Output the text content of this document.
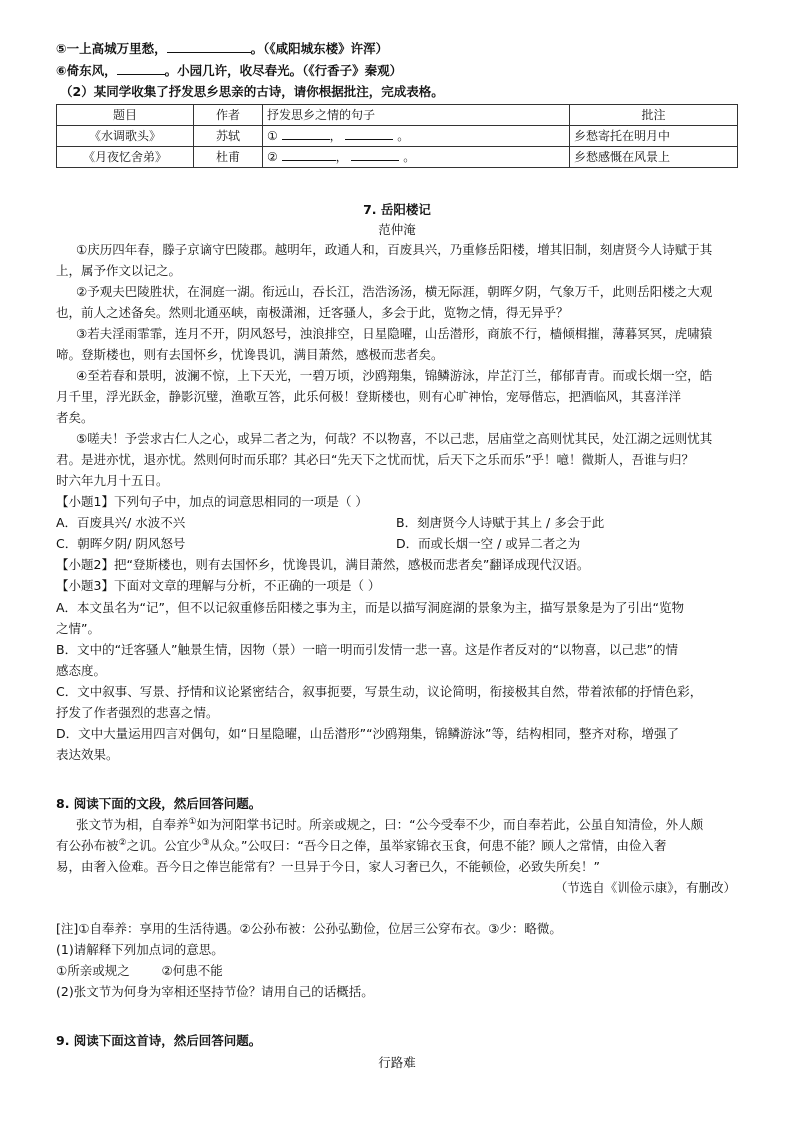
⑤一上高城万里愁，	。（《咸阳城东楼》许浑）
⑥倚东风，	。小园几许，收尽春光。（《行香子》秦观）
（2）某同学收集了抒发思乡思亲的古诗，请你根据批注，完成表格。
题目	作者	抒发思乡之情的句子	批注
《水调歌头》	苏轼	① ， 。	乡愁寄托在明月中
《月夜忆舍弟》	杜甫	② ， 。	乡愁感慨在风景上
7. 岳阳楼记
范仲淹
①庆历四年春，滕子京谪守巴陵郡。越明年，政通人和，百废具兴，乃重修岳阳楼，增其旧制，刻唐贤今人诗赋于其
上，属予作文以记之。
②予观夫巴陵胜状，在洞庭一湖。衔远山，吞长江，浩浩汤汤，横无际涯，朝晖夕阴，气象万千，此则岳阳楼之大观
也，前人之述备矣。然则北通巫峡，南极潇湘，迁客骚人，多会于此，览物之情，得无异乎？
③若夫淫雨霏霏，连月不开，阴风怒号，浊浪排空，日星隐曜，山岳潜形，商旅不行，樯倾楫摧，薄暮冥冥，虎啸猿
啼。登斯楼也，则有去国怀乡，忧谗畏讥，满目萧然，感极而悲者矣。
④至若春和景明，波澜不惊，上下天光，一碧万顷，沙鸥翔集，锦鳞游泳，岸芷汀兰，郁郁青青。而或长烟一空，皓
月千里，浮光跃金，静影沉璧，渔歌互答，此乐何极！登斯楼也，则有心旷神怡，宠辱偕忘，把酒临风，其喜洋洋
者矣。
⑤嗟夫！予尝求古仁人之心，或异二者之为，何哉？不以物喜，不以己悲，居庙堂之高则忧其民，处江湖之远则忧其
君。是进亦忧，退亦忧。然则何时而乐耶？其必曰“先天下之忧而忧，后天下之乐而乐”乎！噫！微斯人，吾谁与归？
时六年九月十五日。
【小题1】下列句子中，加点的词意思相同的一项是（ ）
A．百废具兴/ 水波不兴	B．刻唐贤今人诗赋于其上 / 多会于此
C．朝晖夕阴/ 阴风怒号	D．而或长烟一空 / 或异二者之为
【小题2】把“登斯楼也，则有去国怀乡，忧谗畏讥，满目萧然，感极而悲者矣”翻译成现代汉语。
【小题3】下面对文章的理解与分析，不正确的一项是（ ）
A．本文虽名为“记”，但不以记叙重修岳阳楼之事为主，而是以描写洞庭湖的景象为主，描写景象是为了引出“览物
之情”。
B．文中的“迁客骚人”触景生情，因物（景）一暗一明而引发情一悲一喜。这是作者反对的“以物喜，以己悲”的情
感态度。
C．文中叙事、写景、抒情和议论紧密结合，叙事扼要，写景生动，议论简明，衔接极其自然，带着浓郁的抒情色彩，
抒发了作者强烈的悲喜之情。
D．文中大量运用四言对偶句，如“日星隐曜，山岳潜形”“沙鸥翔集，锦鳞游泳”等，结构相同，整齐对称，增强了
表达效果。
8. 阅读下面的文段，然后回答问题。
张文节为相，自奉养①如为河阳掌书记时。所亲或规之，曰：“公今受奉不少，而自奉若此，公虽自知清俭，外人颇
有公孙布被②之讥。公宜少③从众。”公叹曰：“吾今日之俸，虽举家锦衣玉食，何患不能？顾人之常情，由俭入奢
易，由奢入俭难。吾今日之俸岂能常有？一旦异于今日，家人习奢已久，不能顿俭，必致失所矣！”
（节选自《训俭示康》，有删改）
[注]①自奉养：享用的生活待遇。②公孙布被：公孙弘勤俭，位居三公穿布衣。③少：略微。
(1)请解释下列加点词的意思。
①所亲或规之        ②何患不能
(2)张文节为何身为宰相还坚持节俭？请用自己的话概括。
9. 阅读下面这首诗，然后回答问题。
行路难
